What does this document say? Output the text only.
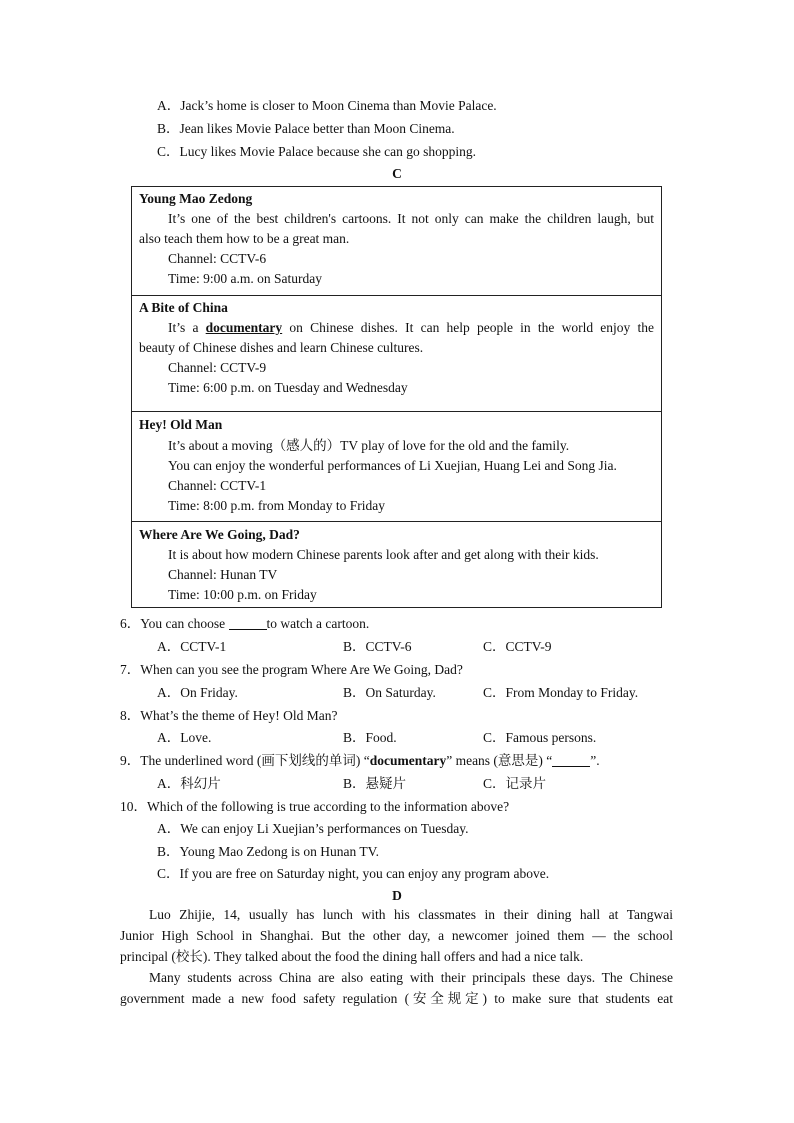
A．Jack’s home is closer to Moon Cinema than Movie Palace.
B．Jean likes Movie Palace better than Moon Cinema.
C．Lucy likes Movie Palace because she can go shopping.
C
Young Mao Zedong
It’s one of the best children's cartoons. It not only can make the children laugh, but
also teach them how to be a great man.
Channel: CCTV-6
Time: 9:00 a.m. on Saturday
A Bite of China
It’s a documentary on Chinese dishes. It can help people in the world enjoy the
beauty of Chinese dishes and learn Chinese cultures.
Channel: CCTV-9
Time: 6:00 p.m. on Tuesday and Wednesday
Hey! Old Man
It’s about a moving（感人的）TV play of love for the old and the family.
You can enjoy the wonderful performances of Li Xuejian, Huang Lei and Song Jia.
Channel: CCTV-1
Time: 8:00 p.m. from Monday to Friday
Where Are We Going, Dad?
It is about how modern Chinese parents look after and get along with their kids.
Channel: Hunan TV
Time: 10:00 p.m. on Friday
6．You can choose	to watch a cartoon.
A．CCTV-1	B．CCTV-6	C．CCTV-9
7．When can you see the program Where Are We Going, Dad?
A．On Friday.	B．On Saturday.	C．From Monday to Friday.
8．What’s the theme of Hey! Old Man?
A．Love.	B．Food.	C．Famous persons.
9．The underlined word (画下划线的单词) “documentary” means (意思是) “	”.
A．科幻片	B．悬疑片	C．记录片
10．Which of the following is true according to the information above?
A．We can enjoy Li Xuejian’s performances on Tuesday.
B．Young Mao Zedong is on Hunan TV.
C．If you are free on Saturday night, you can enjoy any program above.
D
Luo Zhijie, 14, usually has lunch with his classmates in their dining hall at Tangwai
Junior High School in Shanghai. But the other day, a newcomer joined them — the school
principal (校长). They talked about the food the dining hall offers and had a nice talk.
Many students across China are also eating with their principals these days. The Chinese
government made a new food safety regulation (安全规定) to make sure that students eat
